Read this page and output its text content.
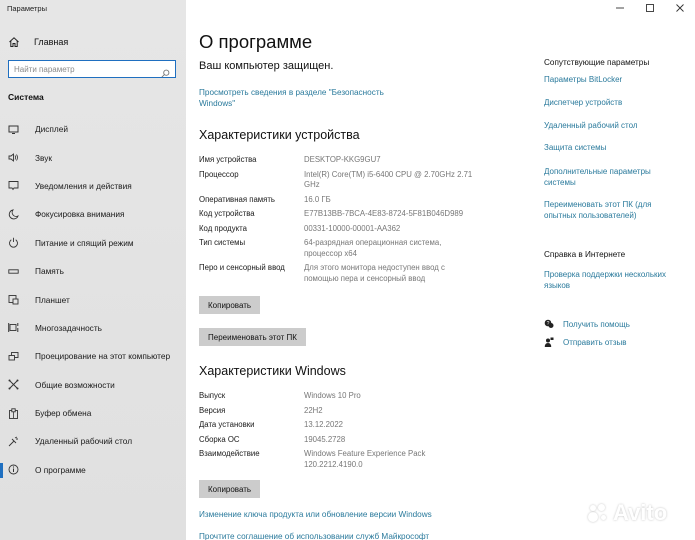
Параметры
Главная
Найти параметр
Система
Дисплей
Звук
Уведомления и действия
Фокусировка внимания
Питание и спящий режим
Память
Планшет
Многозадачность
Проецирование на этот компьютер
Общие возможности
Буфер обмена
Удаленный рабочий стол
О программе
О программе
Ваш компьютер защищен.
Просмотреть сведения в разделе "Безопасность Windows"
Характеристики устройства
Имя устройства	DESKTOP-KKG9GU7
Процессор	Intel(R) Core(TM) i5-6400 CPU @ 2.70GHz 2.71 GHz
Оперативная память	16.0 ГБ
Код устройства	E77B13BB-7BCA-4E83-8724-5F81B046D989
Код продукта	00331-10000-00001-AA362
Тип системы	64-разрядная операционная система, процессор x64
Перо и сенсорный ввод	Для этого монитора недоступен ввод с помощью пера и сенсорный ввод
Копировать
Переименовать этот ПК
Характеристики Windows
Выпуск	Windows 10 Pro
Версия	22H2
Дата установки	13.12.2022
Сборка ОС	19045.2728
Взаимодействие	Windows Feature Experience Pack 120.2212.4190.0
Копировать
Изменение ключа продукта или обновление версии Windows
Прочтите соглашение об использовании служб Майкрософт
Сопутствующие параметры
Параметры BitLocker
Диспетчер устройств
Удаленный рабочий стол
Защита системы
Дополнительные параметры системы
Переименовать этот ПК (для опытных пользователей)
Справка в Интернете
Проверка поддержки нескольких языков
? Получить помощь
Отправить отзыв
Avito
